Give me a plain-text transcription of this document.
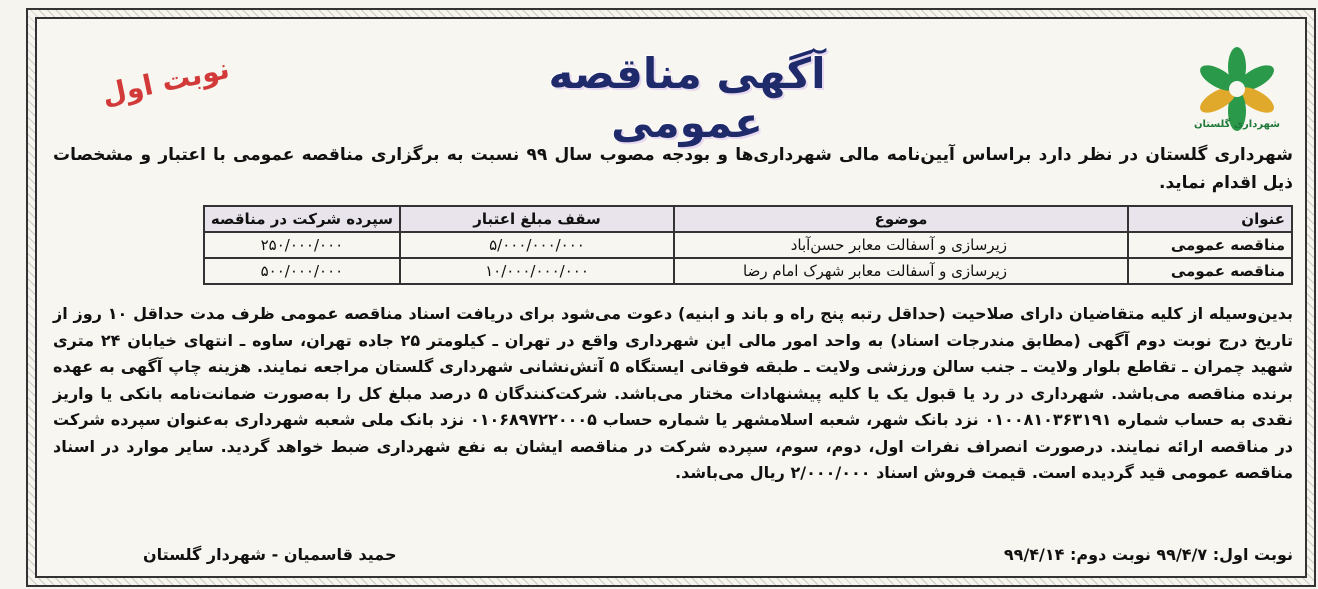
شهرداری گلستان
آگهی مناقصه عمومی
نوبت اول
شهرداری گلستان در نظر دارد براساس آیین‌نامه مالی شهرداری‌ها و بودجه مصوب سال ۹۹ نسبت به برگزاری مناقصه عمومی با اعتبار و مشخصات ذیل اقدام نماید.
عنوان	موضوع	سقف مبلغ اعتبار	سپرده شرکت در مناقصه
مناقصه عمومی	زیرسازی و آسفالت معابر حسن‌آباد	۵/۰۰۰/۰۰۰/۰۰۰	۲۵۰/۰۰۰/۰۰۰
مناقصه عمومی	زیرسازی و آسفالت معابر شهرک امام رضا	۱۰/۰۰۰/۰۰۰/۰۰۰	۵۰۰/۰۰۰/۰۰۰
بدین‌وسیله از کلیه متقاضیان دارای صلاحیت (حداقل رتبه پنج راه و باند و ابنیه) دعوت می‌شود برای دریافت اسناد مناقصه عمومی ظرف مدت حداقل ۱۰ روز از تاریخ درج نوبت دوم آگهی (مطابق مندرجات اسناد) به واحد امور مالی این شهرداری واقع در تهران ـ کیلومتر ۲۵ جاده تهران، ساوه ـ انتهای خیابان ۲۴ متری شهید چمران ـ تقاطع بلوار ولایت ـ جنب سالن ورزشی ولایت ـ طبقه فوقانی ایستگاه ۵ آتش‌نشانی شهرداری گلستان مراجعه نمایند. هزینه چاپ آگهی به عهده برنده مناقصه می‌باشد. شهرداری در رد یا قبول یک یا کلیه پیشنهادات مختار می‌باشد. شرکت‌کنندگان ۵ درصد مبلغ کل را به‌صورت ضمانت‌نامه بانکی یا واریز نقدی به حساب شماره ۰۱۰۰۸۱۰۳۶۳۱۹۱ نزد بانک شهر، شعبه اسلامشهر یا شماره حساب ۰۱۰۶۸۹۷۲۲۰۰۰۵ نزد بانک ملی شعبه شهرداری به‌عنوان سپرده شرکت در مناقصه ارائه نمایند. درصورت انصراف نفرات اول، دوم، سوم، سپرده شرکت در مناقصه ایشان به نفع شهرداری ضبط خواهد گردید. سایر موارد در اسناد مناقصه عمومی قید گردیده است. قیمت فروش اسناد ۲/۰۰۰/۰۰۰ ریال می‌باشد.
نوبت اول: ۹۹/۴/۷ نوبت دوم: ۹۹/۴/۱۴
حمید قاسمیان - شهردار گلستان
